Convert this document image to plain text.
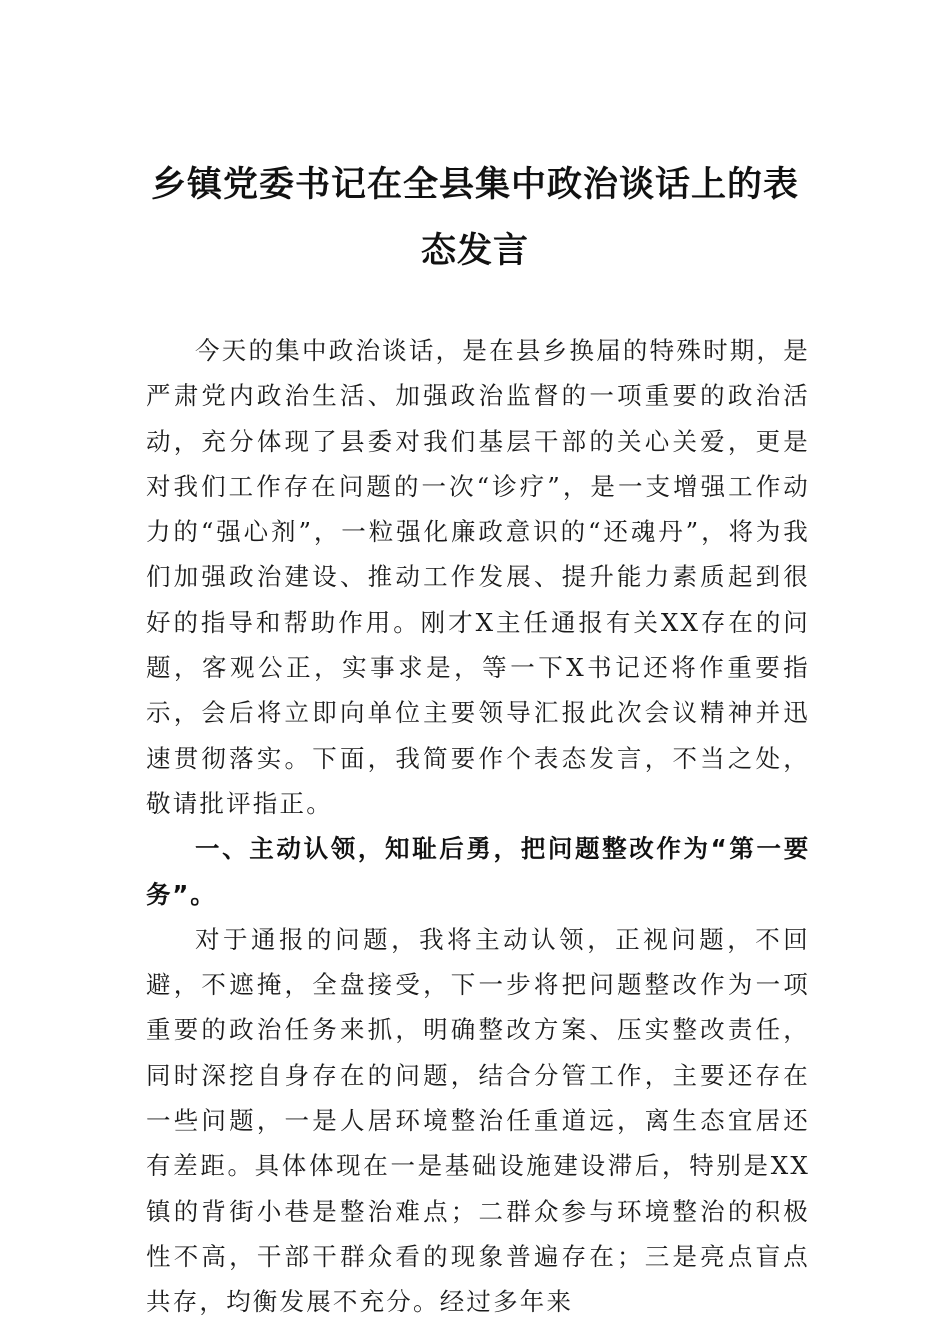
乡镇党委书记在全县集中政治谈话上的表态发言

今天的集中政治谈话，是在县乡换届的特殊时期，是严肃党内政治生活、加强政治监督的一项重要的政治活动，充分体现了县委对我们基层干部的关心关爱，更是对我们工作存在问题的一次“诊疗”，是一支增强工作动力的“强心剂”，一粒强化廉政意识的“还魂丹”，将为我们加强政治建设、推动工作发展、提升能力素质起到很好的指导和帮助作用。刚才X主任通报有关XX存在的问题，客观公正，实事求是，等一下X书记还将作重要指示，会后将立即向单位主要领导汇报此次会议精神并迅速贯彻落实。下面，我简要作个表态发言，不当之处，敬请批评指正。

一、主动认领，知耻后勇，把问题整改作为“第一要务”。

对于通报的问题，我将主动认领，正视问题，不回避，不遮掩，全盘接受，下一步将把问题整改作为一项重要的政治任务来抓，明确整改方案、压实整改责任，同时深挖自身存在的问题，结合分管工作，主要还存在一些问题，一是人居环境整治任重道远，离生态宜居还有差距。具体体现在一是基础设施建设滞后，特别是XX镇的背街小巷是整治难点；二群众参与环境整治的积极性不高，干部干群众看的现象普遍存在；三是亮点盲点共存，均衡发展不充分。经过多年来
